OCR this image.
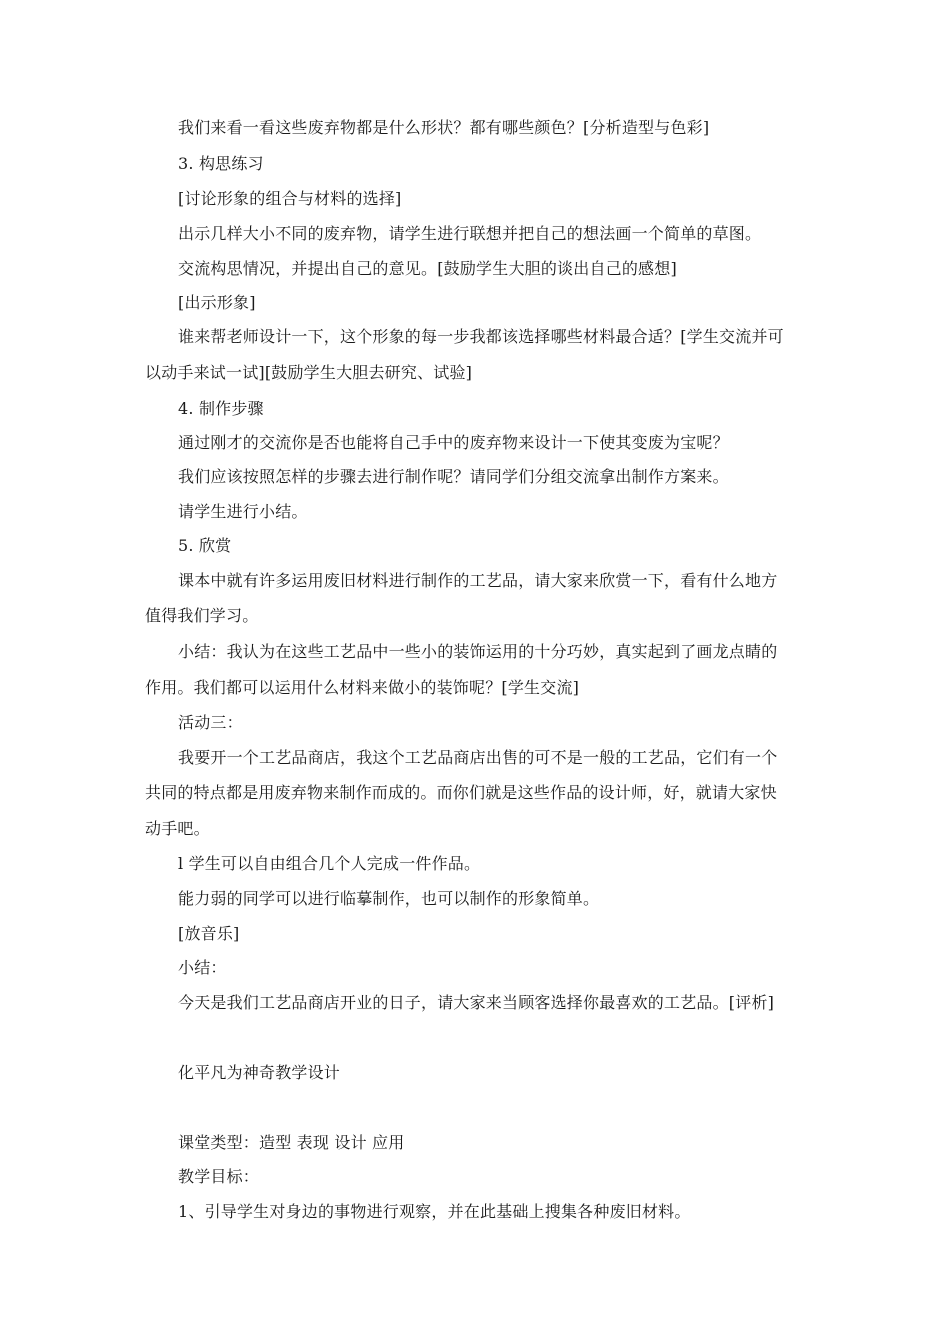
我们来看一看这些废弃物都是什么形状？都有哪些颜色？[分析造型与色彩]

3. 构思练习

[讨论形象的组合与材料的选择]

出示几样大小不同的废弃物，请学生进行联想并把自己的想法画一个简单的草图。

交流构思情况，并提出自己的意见。[鼓励学生大胆的谈出自己的感想]

[出示形象]

谁来帮老师设计一下，这个形象的每一步我都该选择哪些材料最合适？[学生交流并可

以动手来试一试][鼓励学生大胆去研究、试验]

4. 制作步骤

通过刚才的交流你是否也能将自己手中的废弃物来设计一下使其变废为宝呢？

我们应该按照怎样的步骤去进行制作呢？请同学们分组交流拿出制作方案来。

请学生进行小结。

5. 欣赏

课本中就有许多运用废旧材料进行制作的工艺品，请大家来欣赏一下，看有什么地方

值得我们学习。

小结：我认为在这些工艺品中一些小的装饰运用的十分巧妙，真实起到了画龙点睛的

作用。我们都可以运用什么材料来做小的装饰呢？[学生交流]

活动三：

我要开一个工艺品商店，我这个工艺品商店出售的可不是一般的工艺品，它们有一个

共同的特点都是用废弃物来制作而成的。而你们就是这些作品的设计师，好，就请大家快

动手吧。

l 学生可以自由组合几个人完成一件作品。

能力弱的同学可以进行临摹制作，也可以制作的形象简单。

[放音乐]

小结：

今天是我们工艺品商店开业的日子，请大家来当顾客选择你最喜欢的工艺品。[评析]

化平凡为神奇教学设计

课堂类型：造型 表现 设计 应用

教学目标：

1、引导学生对身边的事物进行观察，并在此基础上搜集各种废旧材料。
